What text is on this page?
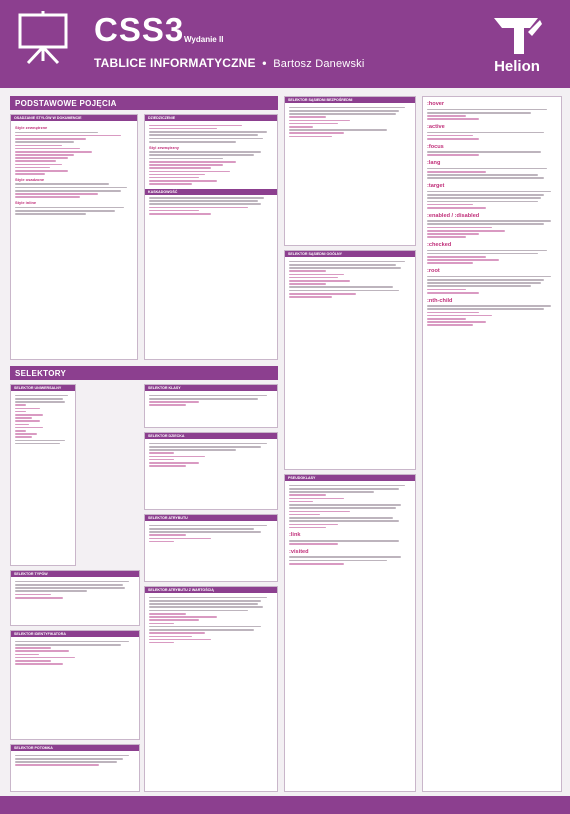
CSS3 Wydanie II
TABLICE INFORMATYCZNE • Bartosz Danewski	Helion
PODSTAWOWE POJĘCIA
OSADZANIE STYLÓW W DOKUMENCIE
Style zewnętrzne
Style osadzone
Style inline
DZIEDZICZENIE
Styl zewnętrzny
KASKADOWOŚĆ
SELEKTORY
SELEKTOR UNIWERSALNY
SELEKTOR TYPÓW
SELEKTOR IDENTYFIKATORA
SELEKTOR POTOMKA
SELEKTOR KLASY
SELEKTOR DZIECKA
SELEKTOR ATRYBUTU
SELEKTOR ATRYBUTU Z WARTOŚCIĄ
SELEKTOR SĄSIEDNI BEZPOŚREDNI
SELEKTOR SĄSIEDNI OGÓLNY
PSEUDOKLASY
:link
:visited
:hover
:active
:focus
:lang
:target
:enabled / :disabled
:checked
:root
:nth-child
